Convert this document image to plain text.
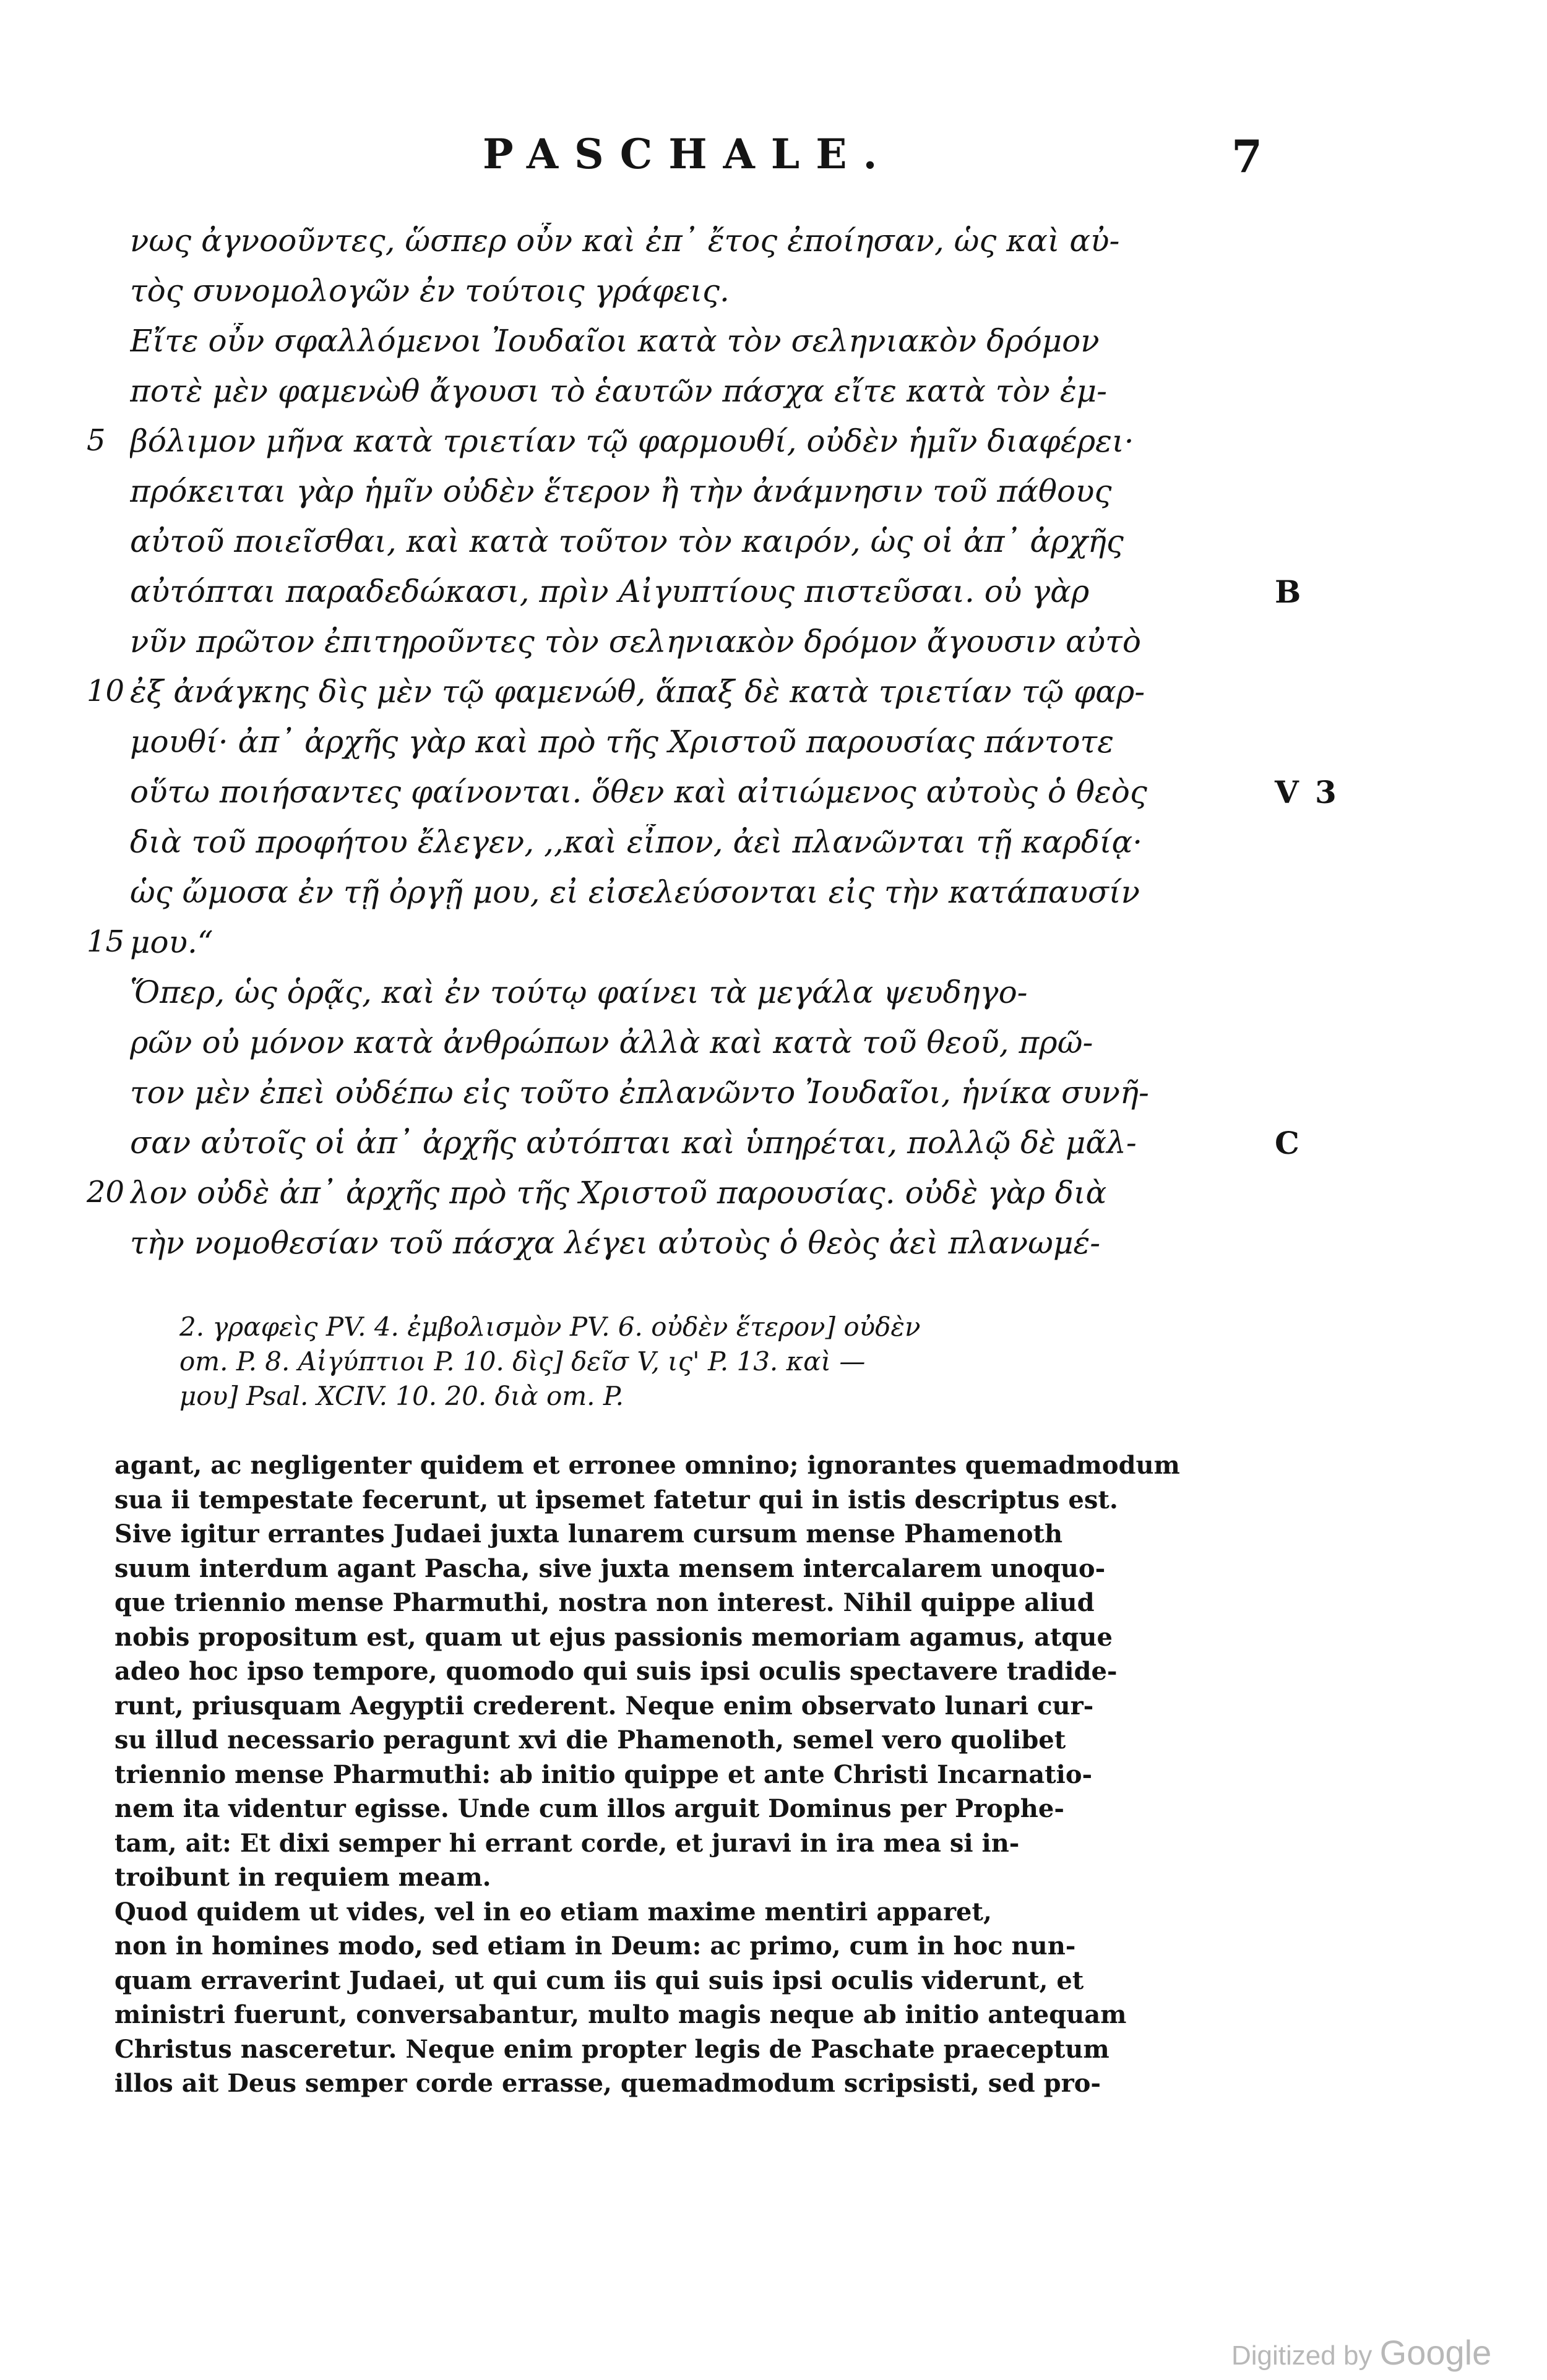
PASCHALE.	7
νως ἀγνοοῦντες, ὥσπερ οὖν καὶ ἐπ᾽ ἔτος ἐποίησαν, ὡς καὶ αὐ-
τὸς συνομολογῶν ἐν τούτοις γράφεις.
Εἴτε οὖν σφαλλόμενοι Ἰουδαῖοι κατὰ τὸν σεληνιακὸν δρόμον
ποτὲ μὲν φαμενὼθ ἄγουσι τὸ ἑαυτῶν πάσχα εἴτε κατὰ τὸν ἐμ-
βόλιμον μῆνα κατὰ τριετίαν τῷ φαρμουθί, οὐδὲν ἡμῖν διαφέρει·
5
πρόκειται γὰρ ἡμῖν οὐδὲν ἕτερον ἢ τὴν ἀνάμνησιν τοῦ πάθους
αὐτοῦ ποιεῖσθαι, καὶ κατὰ τοῦτον τὸν καιρόν, ὡς οἱ ἀπ᾽ ἀρχῆς
αὐτόπται παραδεδώκασι, πρὶν Αἰγυπτίους πιστεῦσαι. οὐ γὰρ
νῦν πρῶτον ἐπιτηροῦντες τὸν σεληνιακὸν δρόμον ἄγουσιν αὐτὸ
ἐξ ἀνάγκης δὶς μὲν τῷ φαμενώθ, ἅπαξ δὲ κατὰ τριετίαν τῷ φαρ-
10
μουθί· ἀπ᾽ ἀρχῆς γὰρ καὶ πρὸ τῆς Χριστοῦ παρουσίας πάντοτε
οὕτω ποιήσαντες φαίνονται. ὅθεν καὶ αἰτιώμενος αὐτοὺς ὁ θεὸς
διὰ τοῦ προφήτου ἔλεγεν, ,,καὶ εἶπον, ἀεὶ πλανῶνται τῇ καρδίᾳ·
ὡς ὤμοσα ἐν τῇ ὀργῇ μου, εἰ εἰσελεύσονται εἰς τὴν κατάπαυσίν
μου.“
15
Ὅπερ, ὡς ὁρᾷς, καὶ ἐν τούτῳ φαίνει τὰ μεγάλα ψευδηγο-
ρῶν οὐ μόνον κατὰ ἀνθρώπων ἀλλὰ καὶ κατὰ τοῦ θεοῦ, πρῶ-
τον μὲν ἐπεὶ οὐδέπω εἰς τοῦτο ἐπλανῶντο Ἰουδαῖοι, ἡνίκα συνῆ-
σαν αὐτοῖς οἱ ἀπ᾽ ἀρχῆς αὐτόπται καὶ ὑπηρέται, πολλῷ δὲ μᾶλ-
λον οὐδὲ ἀπ᾽ ἀρχῆς πρὸ τῆς Χριστοῦ παρουσίας. οὐδὲ γὰρ διὰ
20
τὴν νομοθεσίαν τοῦ πάσχα λέγει αὐτοὺς ὁ θεὸς ἀεὶ πλανωμέ-
B
V 3
C
2. γραφεὶς PV. 4. ἐμβολισμὸν PV. 6. οὐδὲν ἕτερον] οὐδὲν
om. P. 8. Αἰγύπτιοι P. 10. δὶς] δεῖσ V, ις' P. 13. καὶ —
μου] Psal. XCIV. 10. 20. διὰ om. P.
agant, ac negligenter quidem et erronee omnino; ignorantes quemadmodum
sua ii tempestate fecerunt, ut ipsemet fatetur qui in istis descriptus est.
Sive igitur errantes Judaei juxta lunarem cursum mense Phamenoth
suum interdum agant Pascha, sive juxta mensem intercalarem unoquo-
que triennio mense Pharmuthi, nostra non interest. Nihil quippe aliud
nobis propositum est, quam ut ejus passionis memoriam agamus, atque
adeo hoc ipso tempore, quomodo qui suis ipsi oculis spectavere tradide-
runt, priusquam Aegyptii crederent. Neque enim observato lunari cur-
su illud necessario peragunt xvi die Phamenoth, semel vero quolibet
triennio mense Pharmuthi: ab initio quippe et ante Christi Incarnatio-
nem ita videntur egisse. Unde cum illos arguit Dominus per Prophe-
tam, ait: Et dixi semper hi errant corde, et juravi in ira mea si in-
troibunt in requiem meam.
Quod quidem ut vides, vel in eo etiam maxime mentiri apparet,
non in homines modo, sed etiam in Deum: ac primo, cum in hoc nun-
quam erraverint Judaei, ut qui cum iis qui suis ipsi oculis viderunt, et
ministri fuerunt, conversabantur, multo magis neque ab initio antequam
Christus nasceretur. Neque enim propter legis de Paschate praeceptum
illos ait Deus semper corde errasse, quemadmodum scripsisti, sed pro-
Digitized by Google
